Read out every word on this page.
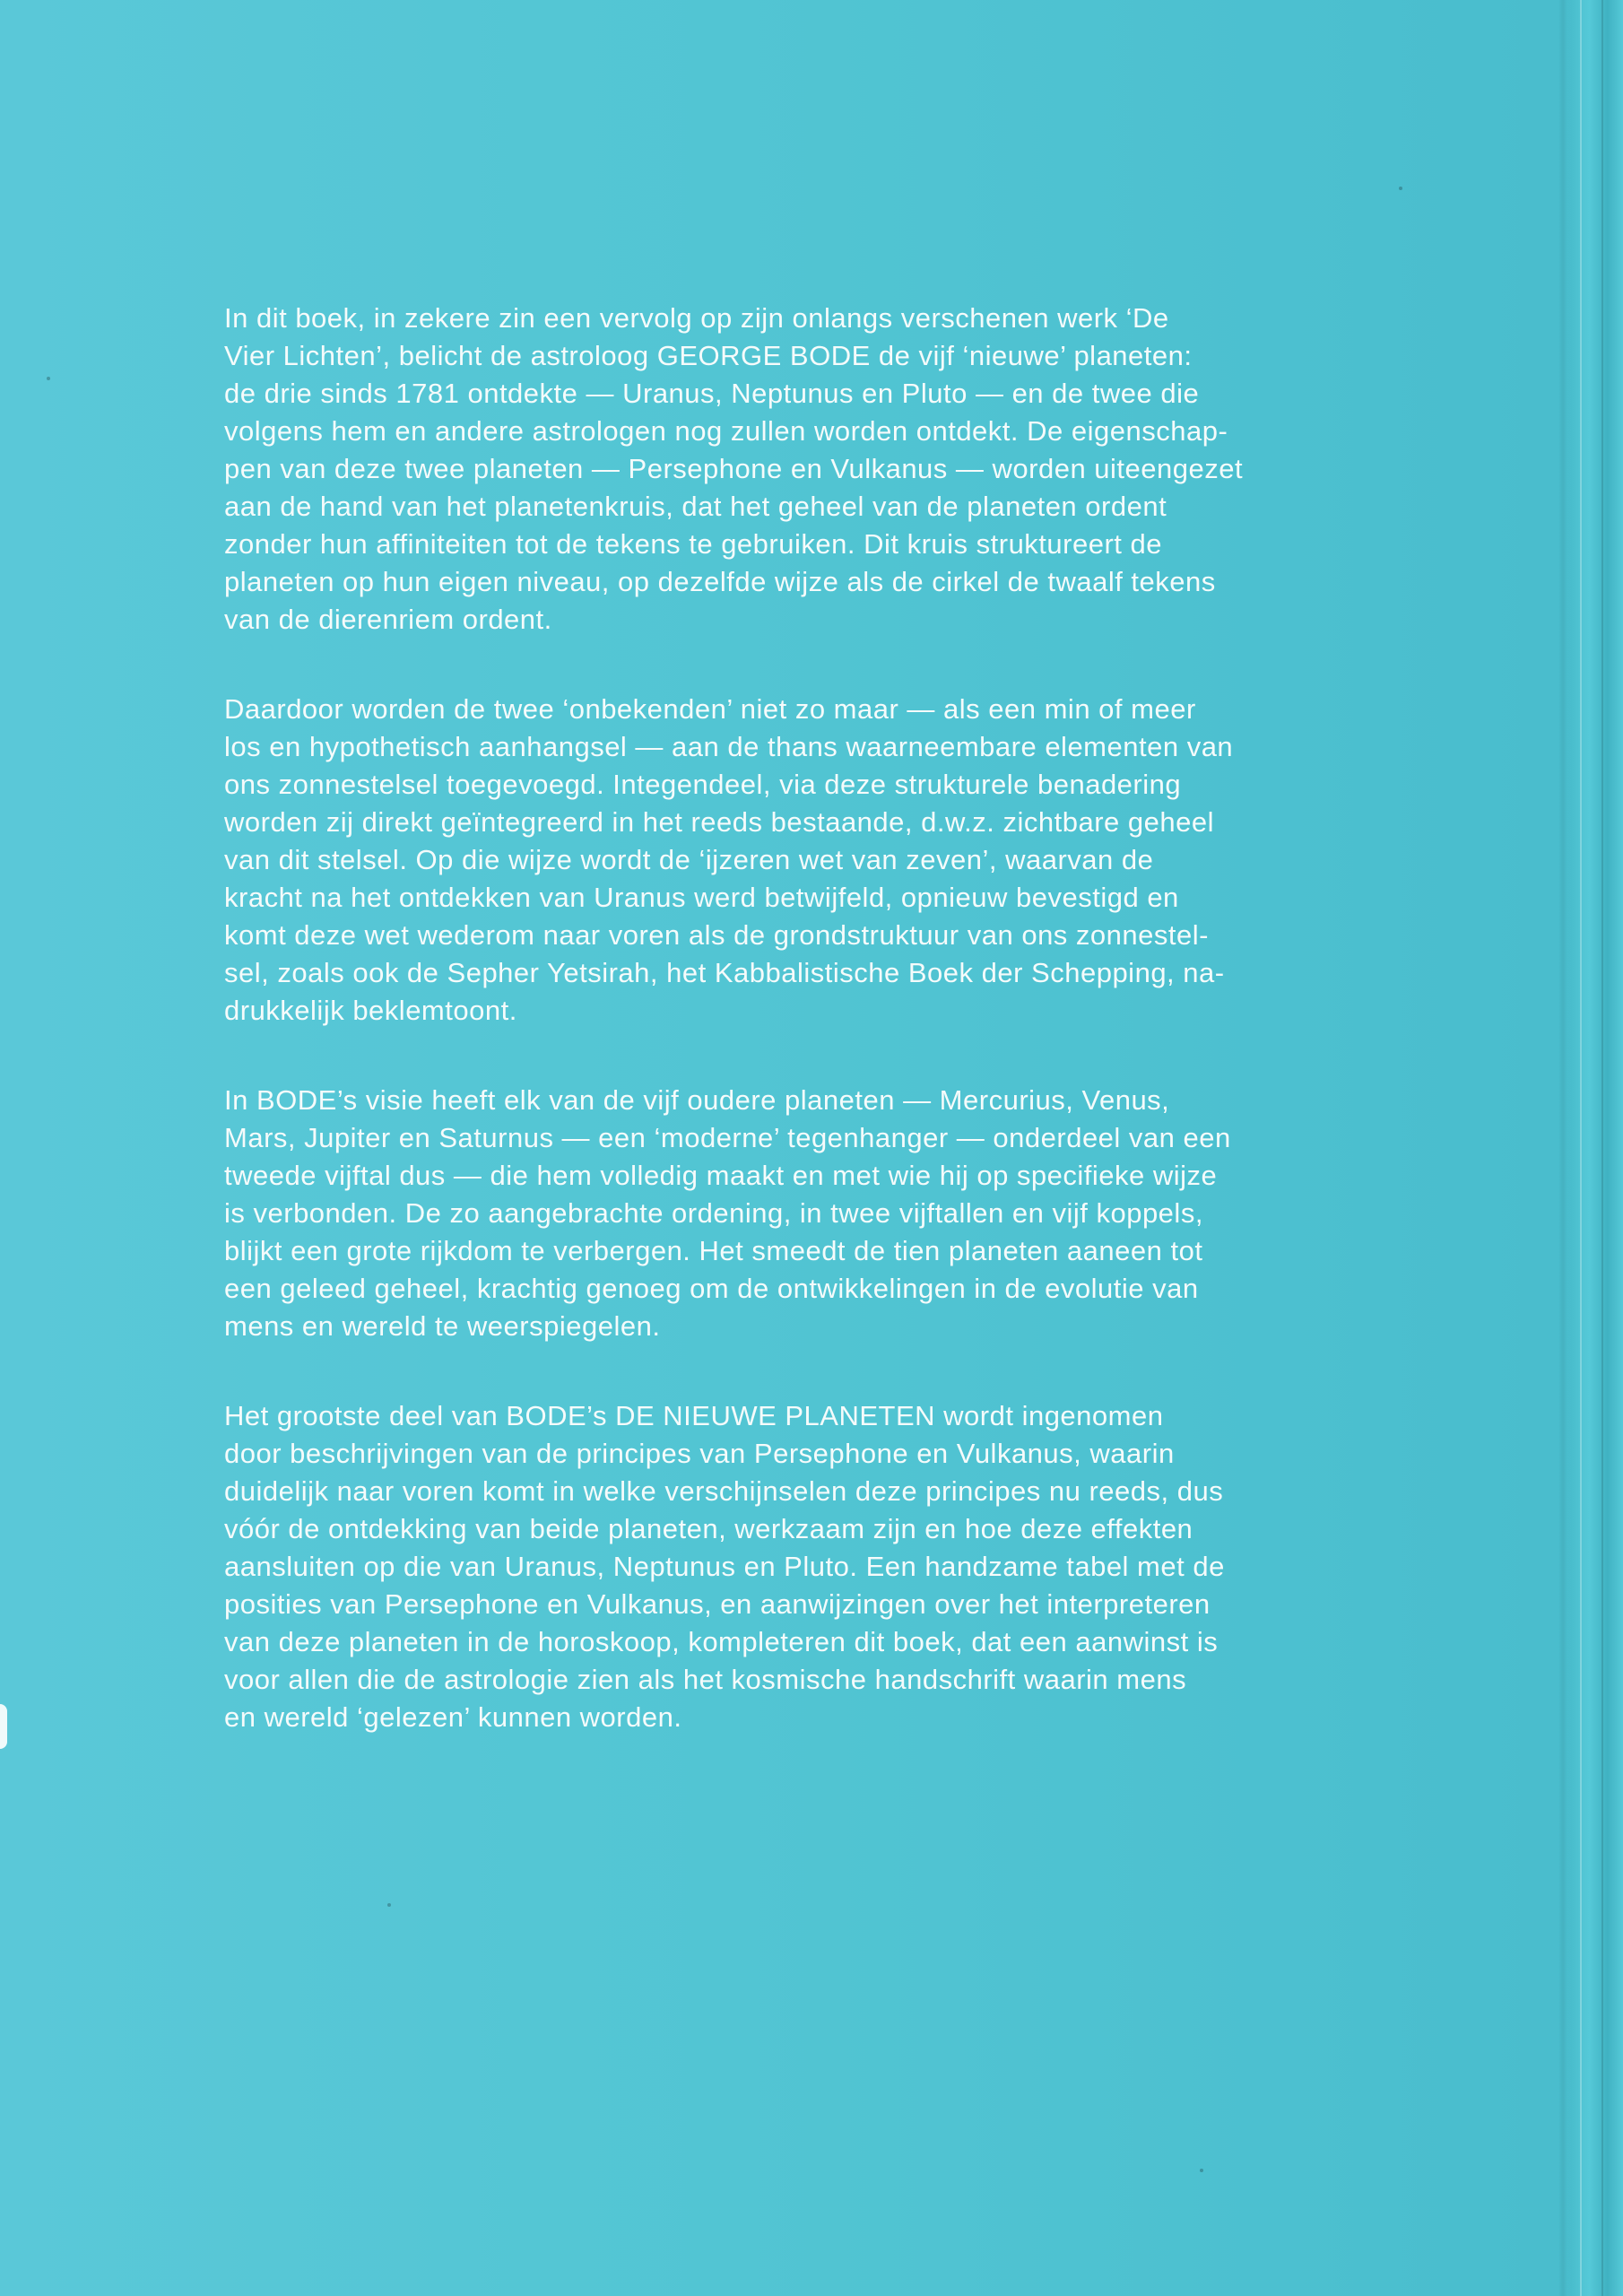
In dit boek, in zekere zin een vervolg op zijn onlangs verschenen werk ‘De
Vier Lichten’, belicht de astroloog GEORGE BODE de vijf ‘nieuwe’ planeten:
de drie sinds 1781 ontdekte — Uranus, Neptunus en Pluto — en de twee die
volgens hem en andere astrologen nog zullen worden ontdekt. De eigenschap-
pen van deze twee planeten — Persephone en Vulkanus — worden uiteengezet
aan de hand van het planetenkruis, dat het geheel van de planeten ordent
zonder hun affiniteiten tot de tekens te gebruiken. Dit kruis struktureert de
planeten op hun eigen niveau, op dezelfde wijze als de cirkel de twaalf tekens
van de dierenriem ordent.

Daardoor worden de twee ‘onbekenden’ niet zo maar — als een min of meer
los en hypothetisch aanhangsel — aan de thans waarneembare elementen van
ons zonnestelsel toegevoegd. Integendeel, via deze strukturele benadering
worden zij direkt geïntegreerd in het reeds bestaande, d.w.z. zichtbare geheel
van dit stelsel. Op die wijze wordt de ‘ijzeren wet van zeven’, waarvan de
kracht na het ontdekken van Uranus werd betwijfeld, opnieuw bevestigd en
komt deze wet wederom naar voren als de grondstruktuur van ons zonnestel-
sel, zoals ook de Sepher Yetsirah, het Kabbalistische Boek der Schepping, na-
drukkelijk beklemtoont.

In BODE’s visie heeft elk van de vijf oudere planeten — Mercurius, Venus,
Mars, Jupiter en Saturnus — een ‘moderne’ tegenhanger — onderdeel van een
tweede vijftal dus — die hem volledig maakt en met wie hij op specifieke wijze
is verbonden. De zo aangebrachte ordening, in twee vijftallen en vijf koppels,
blijkt een grote rijkdom te verbergen. Het smeedt de tien planeten aaneen tot
een geleed geheel, krachtig genoeg om de ontwikkelingen in de evolutie van
mens en wereld te weerspiegelen.

Het grootste deel van BODE’s DE NIEUWE PLANETEN wordt ingenomen
door beschrijvingen van de principes van Persephone en Vulkanus, waarin
duidelijk naar voren komt in welke verschijnselen deze principes nu reeds, dus
vóór de ontdekking van beide planeten, werkzaam zijn en hoe deze effekten
aansluiten op die van Uranus, Neptunus en Pluto. Een handzame tabel met de
posities van Persephone en Vulkanus, en aanwijzingen over het interpreteren
van deze planeten in de horoskoop, kompleteren dit boek, dat een aanwinst is
voor allen die de astrologie zien als het kosmische handschrift waarin mens
en wereld ‘gelezen’ kunnen worden.
